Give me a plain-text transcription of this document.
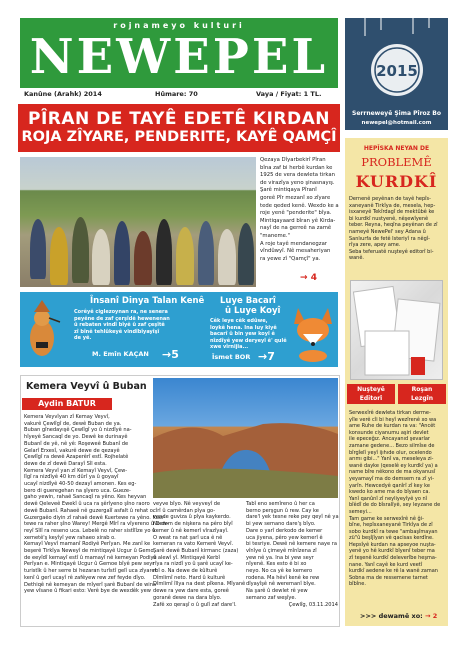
rojnameyo kulturi
NEWEPEL
Kanûne (Arahk) 2014	Hûmare: 70	Vaya / Fiyat: 1 TL.
PÎRAN DE TAYÊ EDETÊ KIRDAN
ROJA ZÎYARE, PENDERITE, KAYÊ QAMÇÎ
Qezaya Dîyarbekirî Pîran
bîna zaf bi herbê kurdan ke
1925 de vera dewleta tirkan
de virazîya yeno şinasnayış.
Şarê mintiqaya Pîranî
goreê Pîr mezanî xo zîyare
tede qeded kenê. Wexdo ke a
roje yenê "penderite" bîya.
Mintiqayaard bîran yê Kirda-
nayî de na gerreê na zamê
"maneme."
A roje tayê mendanegzar
vîndûwyî. Nê mesaheriyan
ra yewe zî "Qamçî" ya.
→ 4
Însanî Dinya Talan Kenê
Corêyê ciglezoynan ra, ne senera
peyêne de zaf çerşîdê hewenenan
û rebaten vindî bîyê û zaf çeşîtê
zî bînê tehlûkeyê vindîbîyayîşî
de yê.
M. Emîn KAÇAN →5
Luye Bacarî
û Luye Koyî
Cêk leye cêk edûwe,
loykê hena. Ina luy kiyê
bacarî û bin yew koyî ê
nîzdîyê yew deryeyî ê' qulê
xwe vîrnijia...
Îsmet BOR →7
Kemera Veyvî û Buban
Aydin BATUR
Kemera Veyvîyan zî Kemay Veyvî,
vakurê Çewlîgî de, dewê Buban de ya.
Buban gînedayışê Çewlîgî yo û nizdîyê na-
hîyeyê Sancaqî de yo. Dewê ke durinayê
Bubanî de yê, nê yê: Roşeweê Bubanî de
Gelarî Erxesî, vakurê dewe de qezayê
Çewlîgî ra dewê Azaperêrî estî. Rojhelatê
dewe de zî dewê Darayî Sîl esta.
Kemera Veyvî yan zî Kemayî Veyvî, Çew-
lîgî ra nizdîyê 40 km dûrî ya û goyayî
ucayî nizdîyê 40-50 dezayî amonen. Kes eg-
bero di gueregehan na şîyero uca. Gueze-
gaho yewin, rahaê Sancaqî ra yêno. Kes heyvan
dewê Qeleveê Ewekî û uca ra şêrîyeno şîno raoro
dewê Bubanî. Rahaeê nê guzergaîî asfalt û rehat o.
Guzergaêo diyin zî rahaê dewê Kuertewe ra yêno. Kuer-
tewe ra raher şîno Warey! Mergê Mîrî ra vîyereno û Dew-
reyî Sîlî ra reseno uca. Lebelê no raher sistîlîze yo û
xemetê'ş keyîyî yew rahaeo xirab o.
Kemayî Veyvî mamanî Rodiyê Perîyan. Me zanî ke
beşerê Tirkîya Neweyî de mintiqayê Ucgur û Gemo
de eeyîdî kemayî estî û mamayî nê kemeyan Podiyê
Perîyan e. Mintiqayê Ucgur û Gemoe bîyê pew seyr
turistîk û her serre bi hezaran turîstî gelî uca zîyaret
kenî û gerî ucayî rê zafêyew rew zef feyde dîyo.
Dethiqê nê kemeyan de mîyerî şarê Bubanî de wina
yew vîsane û fikari esto: Verê bye de wexdêk yew
veyve bîyo. Nê veyveyî de
cîrî û camêrdan pîya go-
vende guviza û pîya kaykerdo.
No dem de nişkera na pêro bîyî
kemer û nê kemerî vîrazîyayî.
O weat ra nat şarî uca ê nê
kemeran ra vato Kemerê Veyvî.
Şarê dewê Bubanî kirmanc (zaza)
û alewî yî. Mintiqayê Kerbî
rîya ra nizdî yo û şarê ucayî ke-
rbî o. Na dewe de kûlturê
Dîmlimî neto. Hard û kulturê
Dîmlimî îllya na dest pîkena. Mîyanê
dewe ra yew dare esta, goreê
goranê dewe na dara bîyo.
Zafê xo qeraşî o û gulî zaf dare'l.
Tabî eno semîreno û her ca
berno perşgun û rew. Cay ke
dare'l yek tesne reke pey qeyî nê ya
bi yew semano dare'ş bîyo.
Dare o yarî derkodo de kemer
uca jiyena, pêro yew kemerî ê
bi tesriye. Dewê nê kemere naye ra
vînîye û çimeyê mînîzena zî
yew nê ya. Ina bi yew seyr
nîyenê. Kes esto ê bi xo
neyo. No ca yê ke kemero
rodena. Ma hêvî kenê ke rew
dîyayîşê nê weremanî bîye.
Na şarê û dewlet rê yew
semano zaf weşîye.
Çewlîg, 03.11.2014
2015
Serrneweyê Şima Pîroz Bo
newepel@hotmail.com
HEPÎSKA NEYAN DE
PROBLEMÊ
KURDKÎ
Dernenê peyênan de tayê hepîs-
xaneyanê Tirkîya de, mesela, hep-
isxaneyê Tekîrdagî de mektûbê ke
bi kurdkî nustyenê, nêşewîyenê
teber. Reyna, heqîna peyênan de zî
nameyê NewePel' sey Adana û
Sanlıurfa de fetê Isteriyî ra nêgî-
rîya zere, apey ame.
Seba teferuatê nuşteyê editorî bi-
wanê.
Nuşteyê
Editorî
Roşan
Lezgîn
Serwexîrê dewleta tirkan derme-
yîle verê cîi bi heyî wezîrenê xo wa
ame Ruhe de kurdan ra va: "Ancêt
konsunde ciyanumu aşiri devlet
ile epeceğız. Ancayanıd şevarlar
zamane gedene... Bezo silmîse de
bîrgîelî yeyî ijıhıde olur, ocelendo
arımı gibi..." Yanî va, meseleya zi-
wanê dayke (qeselê ey kurdkî ya) a
name bîre nêkono de ma okyanusî
yeyamayî ma do demsem ra zî yi-
yarîn. Hewcedyê qanîrî zî key ke
kwedo ko ame ma do bîyaen ca.
Yanî qanûnî zî neyliyeyîyê yo nî
bîêdî de do bîsralîyê, sey leyzane de
semeyi...
Tam game ke serwexîrê nê ği-
bîne, hepîsxaneyanê Tirkîya de zî
sobo kurdkî ra tewe "ambaşîmayan
zü"û beşîjîyan vê qacisas kerdîne.
Hepsîyê kurdan na apseyoe nuşta-
yenê yo hê kurdkî bîyenî teber ma
zî teşenê kurdkî deleverîbe heşma-
nane. Yanî cayê ke kurd veetî
kurdkî aedene ke rê la wanê zaman
Sobna ma de ressemene tarnet
bîbîne.
>>> dewamê xo: → 2
